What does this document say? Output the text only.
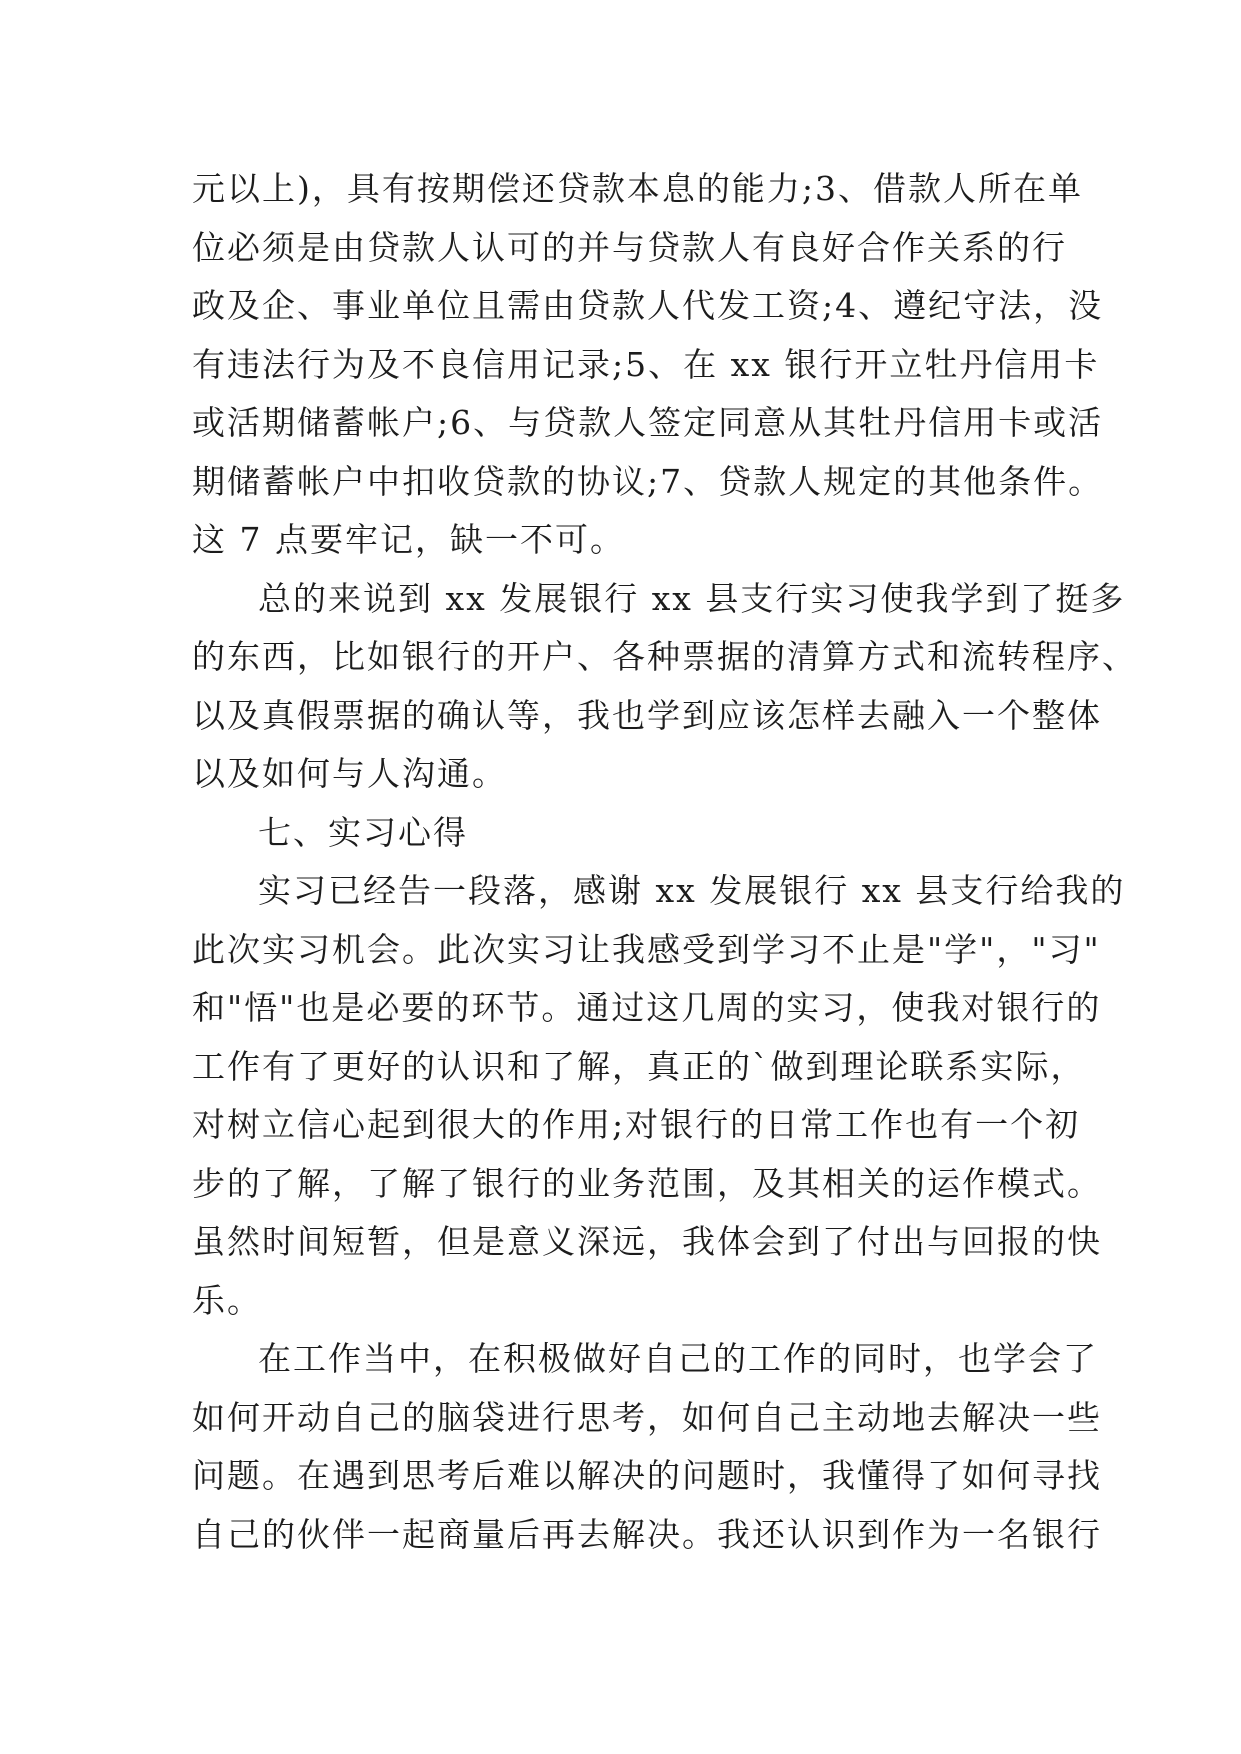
元以上)，具有按期偿还贷款本息的能力;3、借款人所在单
位必须是由贷款人认可的并与贷款人有良好合作关系的行
政及企、事业单位且需由贷款人代发工资;4、遵纪守法，没
有违法行为及不良信用记录;5、在 xx 银行开立牡丹信用卡
或活期储蓄帐户;6、与贷款人签定同意从其牡丹信用卡或活
期储蓄帐户中扣收贷款的协议;7、贷款人规定的其他条件。
这 7 点要牢记，缺一不可。
总的来说到 xx 发展银行 xx 县支行实习使我学到了挺多
的东西，比如银行的开户、各种票据的清算方式和流转程序、
以及真假票据的确认等，我也学到应该怎样去融入一个整体
以及如何与人沟通。
七、实习心得
实习已经告一段落，感谢 xx 发展银行 xx 县支行给我的
此次实习机会。此次实习让我感受到学习不止是"学"，"习"
和"悟"也是必要的环节。通过这几周的实习，使我对银行的
工作有了更好的认识和了解，真正的`做到理论联系实际，
对树立信心起到很大的作用;对银行的日常工作也有一个初
步的了解，了解了银行的业务范围，及其相关的运作模式。
虽然时间短暂，但是意义深远，我体会到了付出与回报的快
乐。
在工作当中，在积极做好自己的工作的同时，也学会了
如何开动自己的脑袋进行思考，如何自己主动地去解决一些
问题。在遇到思考后难以解决的问题时，我懂得了如何寻找
自己的伙伴一起商量后再去解决。我还认识到作为一名银行
